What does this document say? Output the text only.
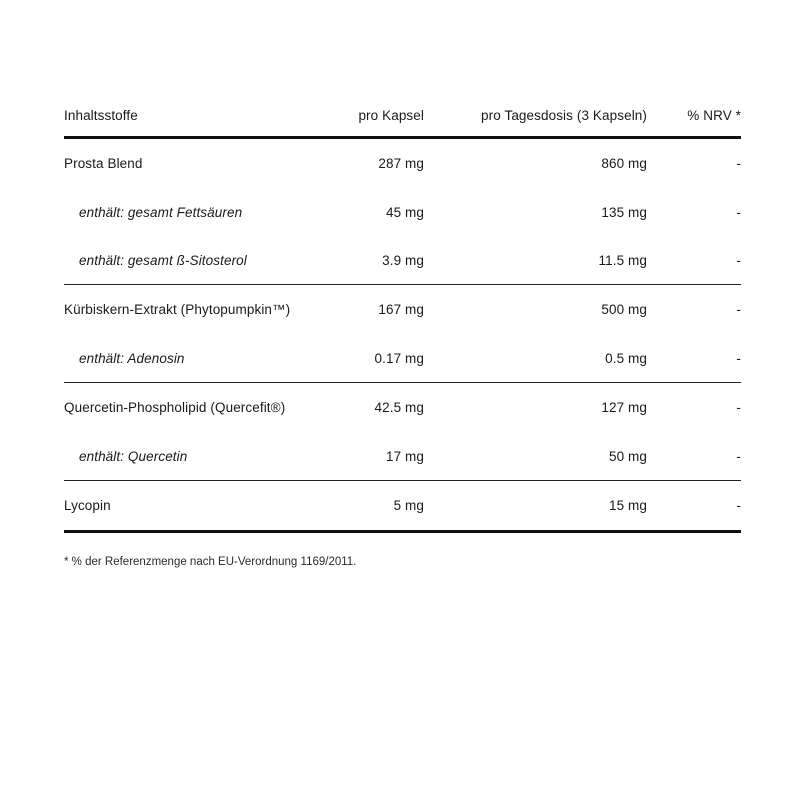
Inhaltsstoffe	pro Kapsel	pro Tagesdosis (3 Kapseln)	% NRV *
Prosta Blend	287 mg	860 mg	-
enthält: gesamt Fettsäuren	45 mg	135 mg	-
enthält: gesamt ß-Sitosterol	3.9 mg	11.5 mg	-
Kürbiskern-Extrakt (Phytopumpkin™)	167 mg	500 mg	-
enthält: Adenosin	0.17 mg	0.5 mg	-
Quercetin-Phospholipid (Quercefit®)	42.5 mg	127 mg	-
enthält: Quercetin	17 mg	50 mg	-
Lycopin	5 mg	15 mg	-
* % der Referenzmenge nach EU-Verordnung 1169/2011.
